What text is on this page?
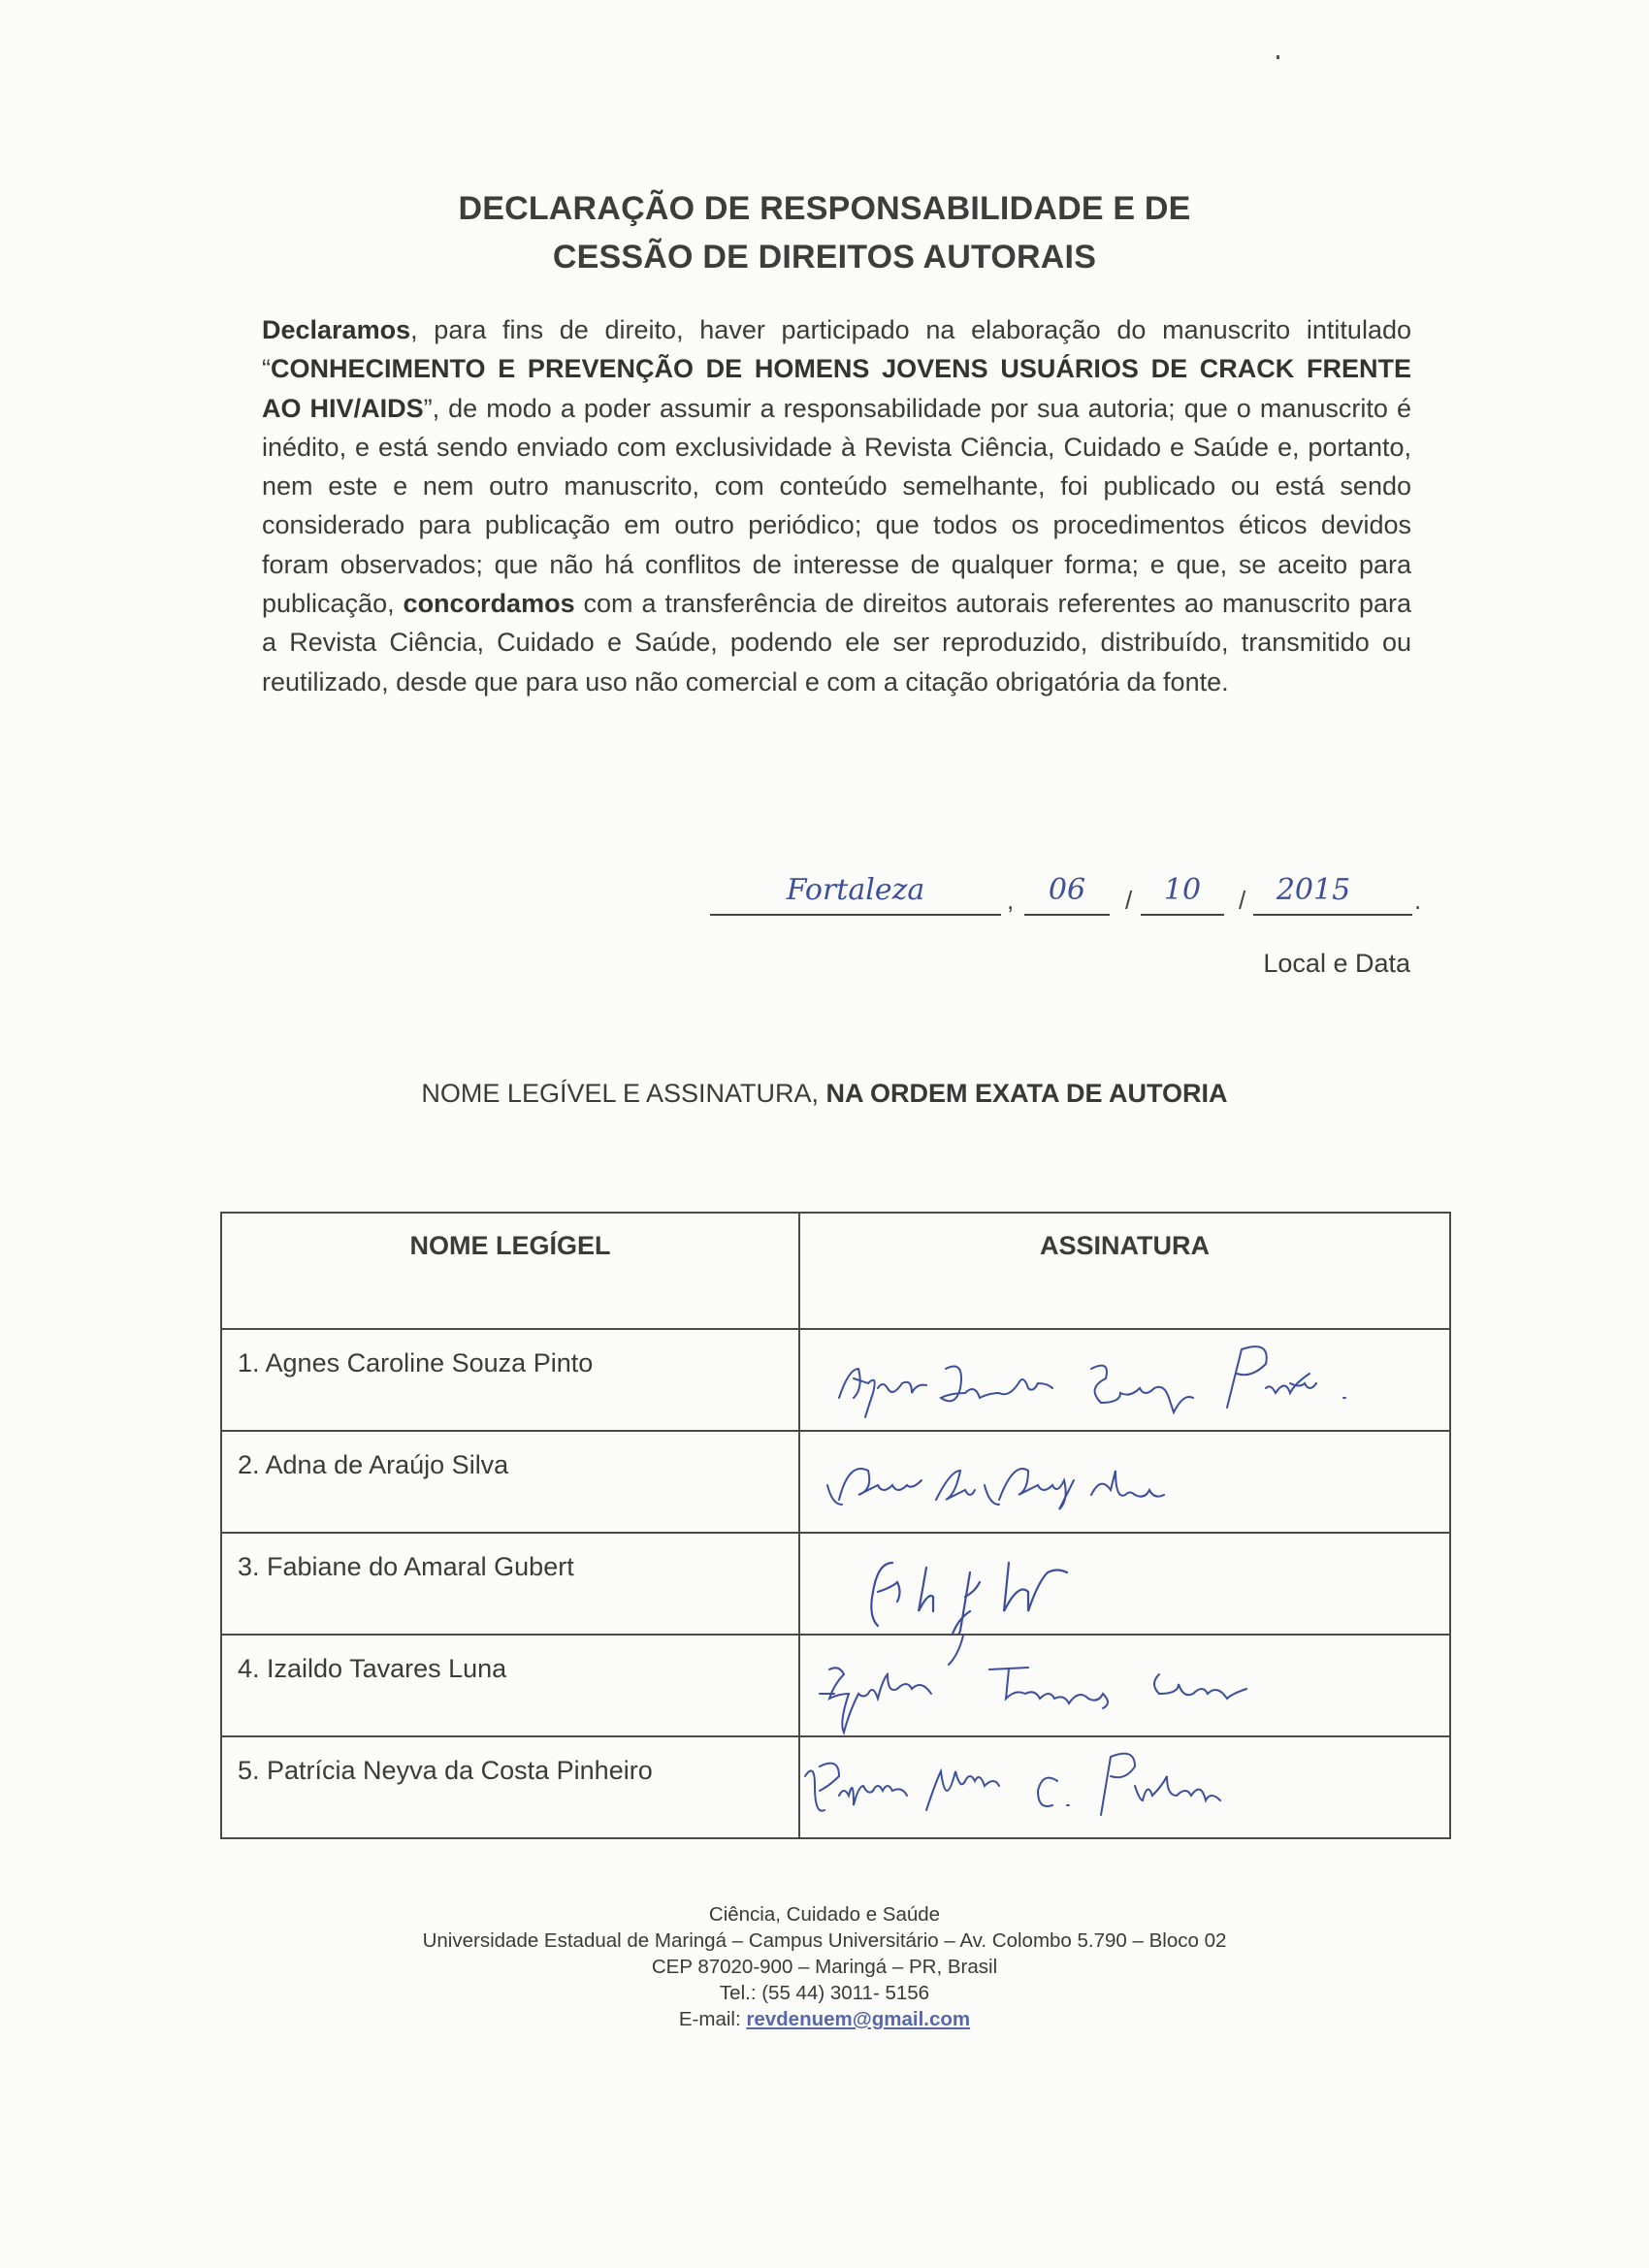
DECLARAÇÃO DE RESPONSABILIDADE E DE
CESSÃO DE DIREITOS AUTORAIS
Declaramos, para fins de direito, haver participado na elaboração do manuscrito intitulado “CONHECIMENTO E PREVENÇÃO DE HOMENS JOVENS USUÁRIOS DE CRACK FRENTE AO HIV/AIDS”, de modo a poder assumir a responsabilidade por sua autoria; que o manuscrito é inédito, e está sendo enviado com exclusividade à Revista Ciência, Cuidado e Saúde e, portanto, nem este e nem outro manuscrito, com conteúdo semelhante, foi publicado ou está sendo considerado para publicação em outro periódico; que todos os procedimentos éticos devidos foram observados; que não há conflitos de interesse de qualquer forma; e que, se aceito para publicação, concordamos com a transferência de direitos autorais referentes ao manuscrito para a Revista Ciência, Cuidado e Saúde, podendo ele ser reproduzido, distribuído, transmitido ou reutilizado, desde que para uso não comercial e com a citação obrigatória da fonte.
Fortaleza	,	06	/	10	/	2015	.
Local e Data
NOME LEGÍVEL E ASSINATURA, NA ORDEM EXATA DE AUTORIA
NOME LEGÍGEL	ASSINATURA

1. Agnes Caroline Souza Pinto

2. Adna de Araújo Silva

3. Fabiane do Amaral Gubert

4. Izaildo Tavares Luna

5. Patrícia Neyva da Costa Pinheiro

Ciência, Cuidado e Saúde
Universidade Estadual de Maringá – Campus Universitário – Av. Colombo 5.790 – Bloco 02
CEP 87020-900 – Maringá – PR, Brasil
Tel.: (55 44) 3011- 5156
E-mail: revdenuem@gmail.com
